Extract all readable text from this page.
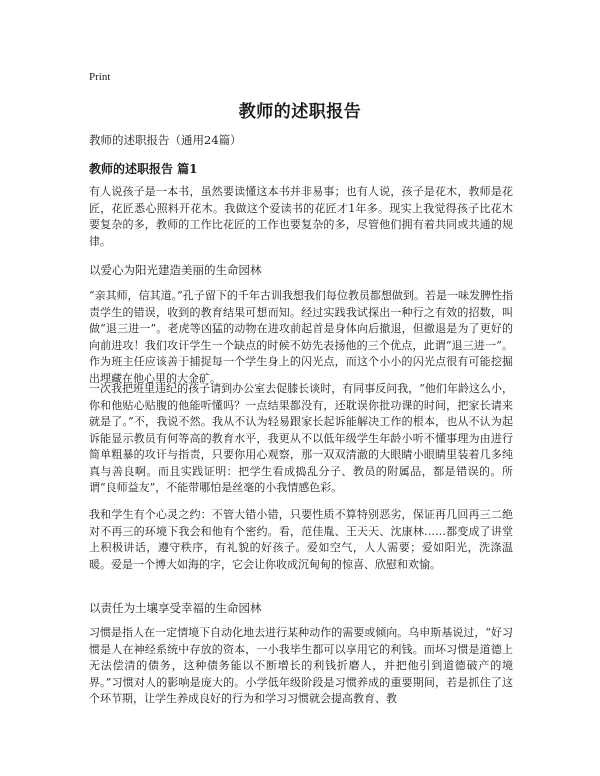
Print
教师的述职报告
教师的述职报告（通用24篇）
教师的述职报告 篇1

有人说孩子是一本书，虽然要读懂这本书并非易事；也有人说，孩子是花木，教师是花匠，花匠悉心照料开花木。我做这个爱读书的花匠才1年多。现实上我觉得孩子比花木要复杂的多，教师的工作比花匠的工作也要复杂的多，尽管他们拥有着共同或共通的规律。

以爱心为阳光建造美丽的生命园林

“亲其师，信其道。”孔子留下的千年古训我想我们每位教员都想做到。若是一味发脾性指责学生的错误，收到的教育结果可想而知。经过实践我试探出一种行之有效的招数，叫做“退三进一”。老虎等凶猛的动物在进攻前起首是身体向后撤退，但撤退是为了更好的向前进攻！我们攻讦学生一个缺点的时候不妨先表扬他的三个优点，此谓“退三进一”。作为班主任应该善于捕捉每一个学生身上的闪光点，而这个小小的闪光点很有可能挖掘出埋藏在他心里的大金矿。

一次我把班里违纪的孩子请到办公室去促膝长谈时，有同事反问我，“他们年龄这么小，你和他贴心贴腹的他能听懂吗？一点结果都没有，还耽误你批功课的时间，把家长请来就是了。”不，我说不然。我从不认为轻易跟家长起诉能解决工作的根本，也从不认为起诉能显示教员有何等高的教育水平，我更从不以低年级学生年龄小听不懂事理为由进行简单粗暴的攻讦与指责，只要你用心观察，那一双双清澈的大眼睛小眼睛里装着几多纯真与善良啊。而且实践证明：把学生看成捣乱分子、教员的附属品，都是错误的。所谓“良师益友”，不能带哪怕是丝毫的小我情感色彩。

我和学生有个心灵之约：不管大错小错，只要性质不算特别恶劣，保证再几回再三二绝对不再三的环境下我会和他有个密约。看，范佳胤、王天天、沈康林……都变成了讲堂上积极讲话，遵守秩序，有礼貌的好孩子。爱如空气，人人需要；爱如阳光，洗涤温暖。爱是一个博大如海的字，它会让你收成沉甸甸的惊喜、欣慰和欢愉。

以责任为土壤享受幸福的生命园林

习惯是指人在一定情境下自动化地去进行某种动作的需要或倾向。乌申斯基说过，“好习惯是人在神经系统中存放的资本，一小我毕生都可以享用它的利钱。而坏习惯是道德上无法偿清的债务，这种债务能以不断增长的利钱折磨人，并把他引到道德破产的境界。”习惯对人的影响是庞大的。小学低年级阶段是习惯养成的重要期间，若是抓住了这个环节期，让学生养成良好的行为和学习习惯就会提高教育、教
